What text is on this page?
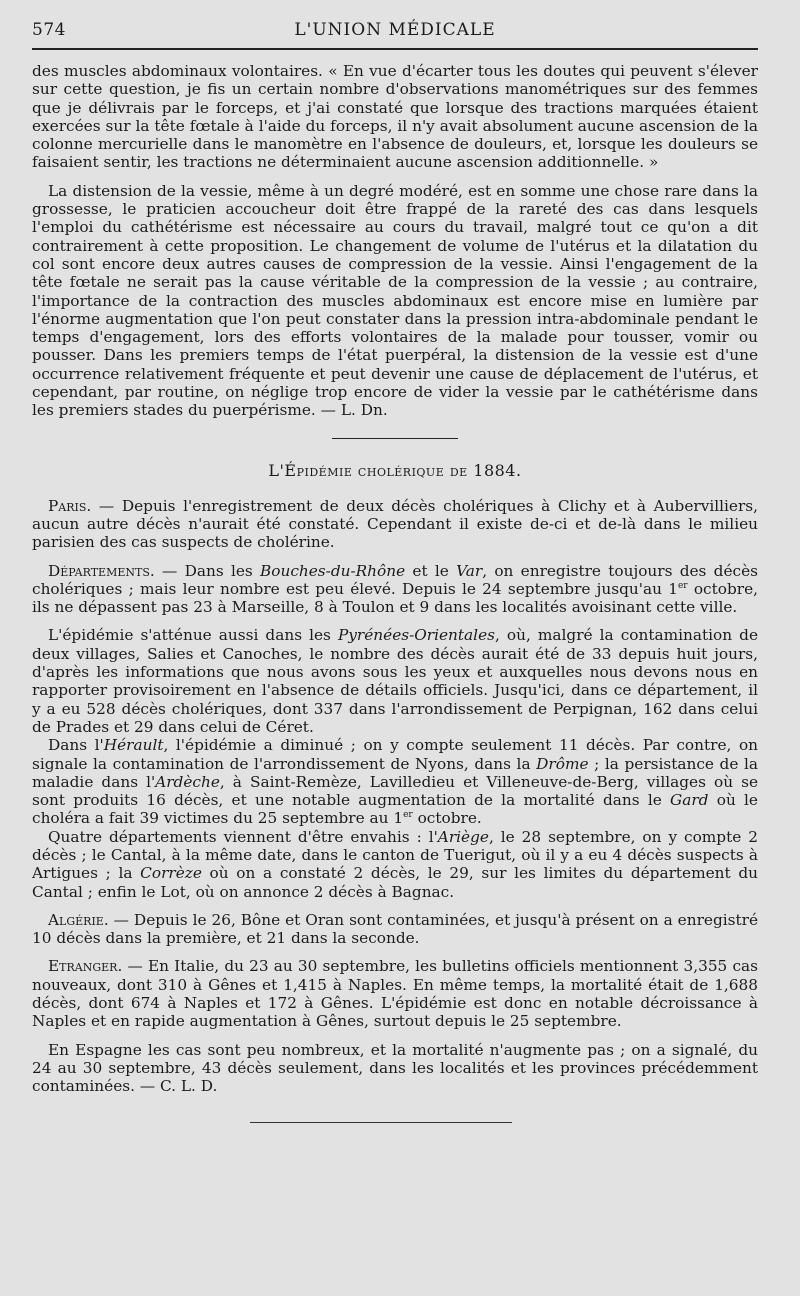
574	L'UNION MÉDICALE

des muscles abdominaux volontaires. « En vue d'écarter tous les doutes qui peuvent s'élever sur cette question, je fis un certain nombre d'observations manométriques sur des femmes que je délivrais par le forceps, et j'ai constaté que lorsque des tractions marquées étaient exercées sur la tête fœtale à l'aide du forceps, il n'y avait absolument aucune ascension de la colonne mercurielle dans le manomètre en l'absence de douleurs, et, lorsque les douleurs se faisaient sentir, les tractions ne déterminaient aucune ascension additionnelle. »

La distension de la vessie, même à un degré modéré, est en somme une chose rare dans la grossesse, le praticien accoucheur doit être frappé de la rareté des cas dans lesquels l'emploi du cathétérisme est nécessaire au cours du travail, malgré tout ce qu'on a dit contrairement à cette proposition. Le changement de volume de l'utérus et la dilatation du col sont encore deux autres causes de compression de la vessie. Ainsi l'engagement de la tête fœtale ne serait pas la cause véritable de la compression de la vessie ; au contraire, l'importance de la contraction des muscles abdominaux est encore mise en lumière par l'énorme augmentation que l'on peut constater dans la pression intra-abdominale pendant le temps d'engagement, lors des efforts volontaires de la malade pour tousser, vomir ou pousser. Dans les premiers temps de l'état puerpéral, la distension de la vessie est d'une occurrence relativement fréquente et peut devenir une cause de déplacement de l'utérus, et cependant, par routine, on néglige trop encore de vider la vessie par le cathétérisme dans les premiers stades du puerpérisme. — L. Dn.

L'Épidémie cholérique de 1884.

Paris. — Depuis l'enregistrement de deux décès cholériques à Clichy et à Aubervilliers, aucun autre décès n'aurait été constaté. Cependant il existe de-ci et de-là dans le milieu parisien des cas suspects de cholérine.

Départements. — Dans les Bouches-du-Rhône et le Var, on enregistre toujours des décès cholériques ; mais leur nombre est peu élevé. Depuis le 24 septembre jusqu'au 1er octobre, ils ne dépassent pas 23 à Marseille, 8 à Toulon et 9 dans les localités avoisinant cette ville.

L'épidémie s'atténue aussi dans les Pyrénées-Orientales, où, malgré la contamination de deux villages, Salies et Canoches, le nombre des décès aurait été de 33 depuis huit jours, d'après les informations que nous avons sous les yeux et auxquelles nous devons nous en rapporter provisoirement en l'absence de détails officiels. Jusqu'ici, dans ce département, il y a eu 528 décès cholériques, dont 337 dans l'arrondissement de Perpignan, 162 dans celui de Prades et 29 dans celui de Céret.

Dans l'Hérault, l'épidémie a diminué ; on y compte seulement 11 décès. Par contre, on signale la contamination de l'arrondissement de Nyons, dans la Drôme ; la persistance de la maladie dans l'Ardèche, à Saint-Remèze, Lavilledieu et Villeneuve-de-Berg, villages où se sont produits 16 décès, et une notable augmentation de la mortalité dans le Gard où le choléra a fait 39 victimes du 25 septembre au 1er octobre.

Quatre départements viennent d'être envahis : l'Ariège, le 28 septembre, on y compte 2 décès ; le Cantal, à la même date, dans le canton de Tuerigut, où il y a eu 4 décès suspects à Artigues ; la Corrèze où on a constaté 2 décès, le 29, sur les limites du département du Cantal ; enfin le Lot, où on annonce 2 décès à Bagnac.

Algérie. — Depuis le 26, Bône et Oran sont contaminées, et jusqu'à présent on a enregistré 10 décès dans la première, et 21 dans la seconde.

Etranger. — En Italie, du 23 au 30 septembre, les bulletins officiels mentionnent 3,355 cas nouveaux, dont 310 à Gênes et 1,415 à Naples. En même temps, la mortalité était de 1,688 décès, dont 674 à Naples et 172 à Gênes. L'épidémie est donc en notable décroissance à Naples et en rapide augmentation à Gênes, surtout depuis le 25 septembre.

En Espagne les cas sont peu nombreux, et la mortalité n'augmente pas ; on a signalé, du 24 au 30 septembre, 43 décès seulement, dans les localités et les provinces précédemment contaminées. — C. L. D.
